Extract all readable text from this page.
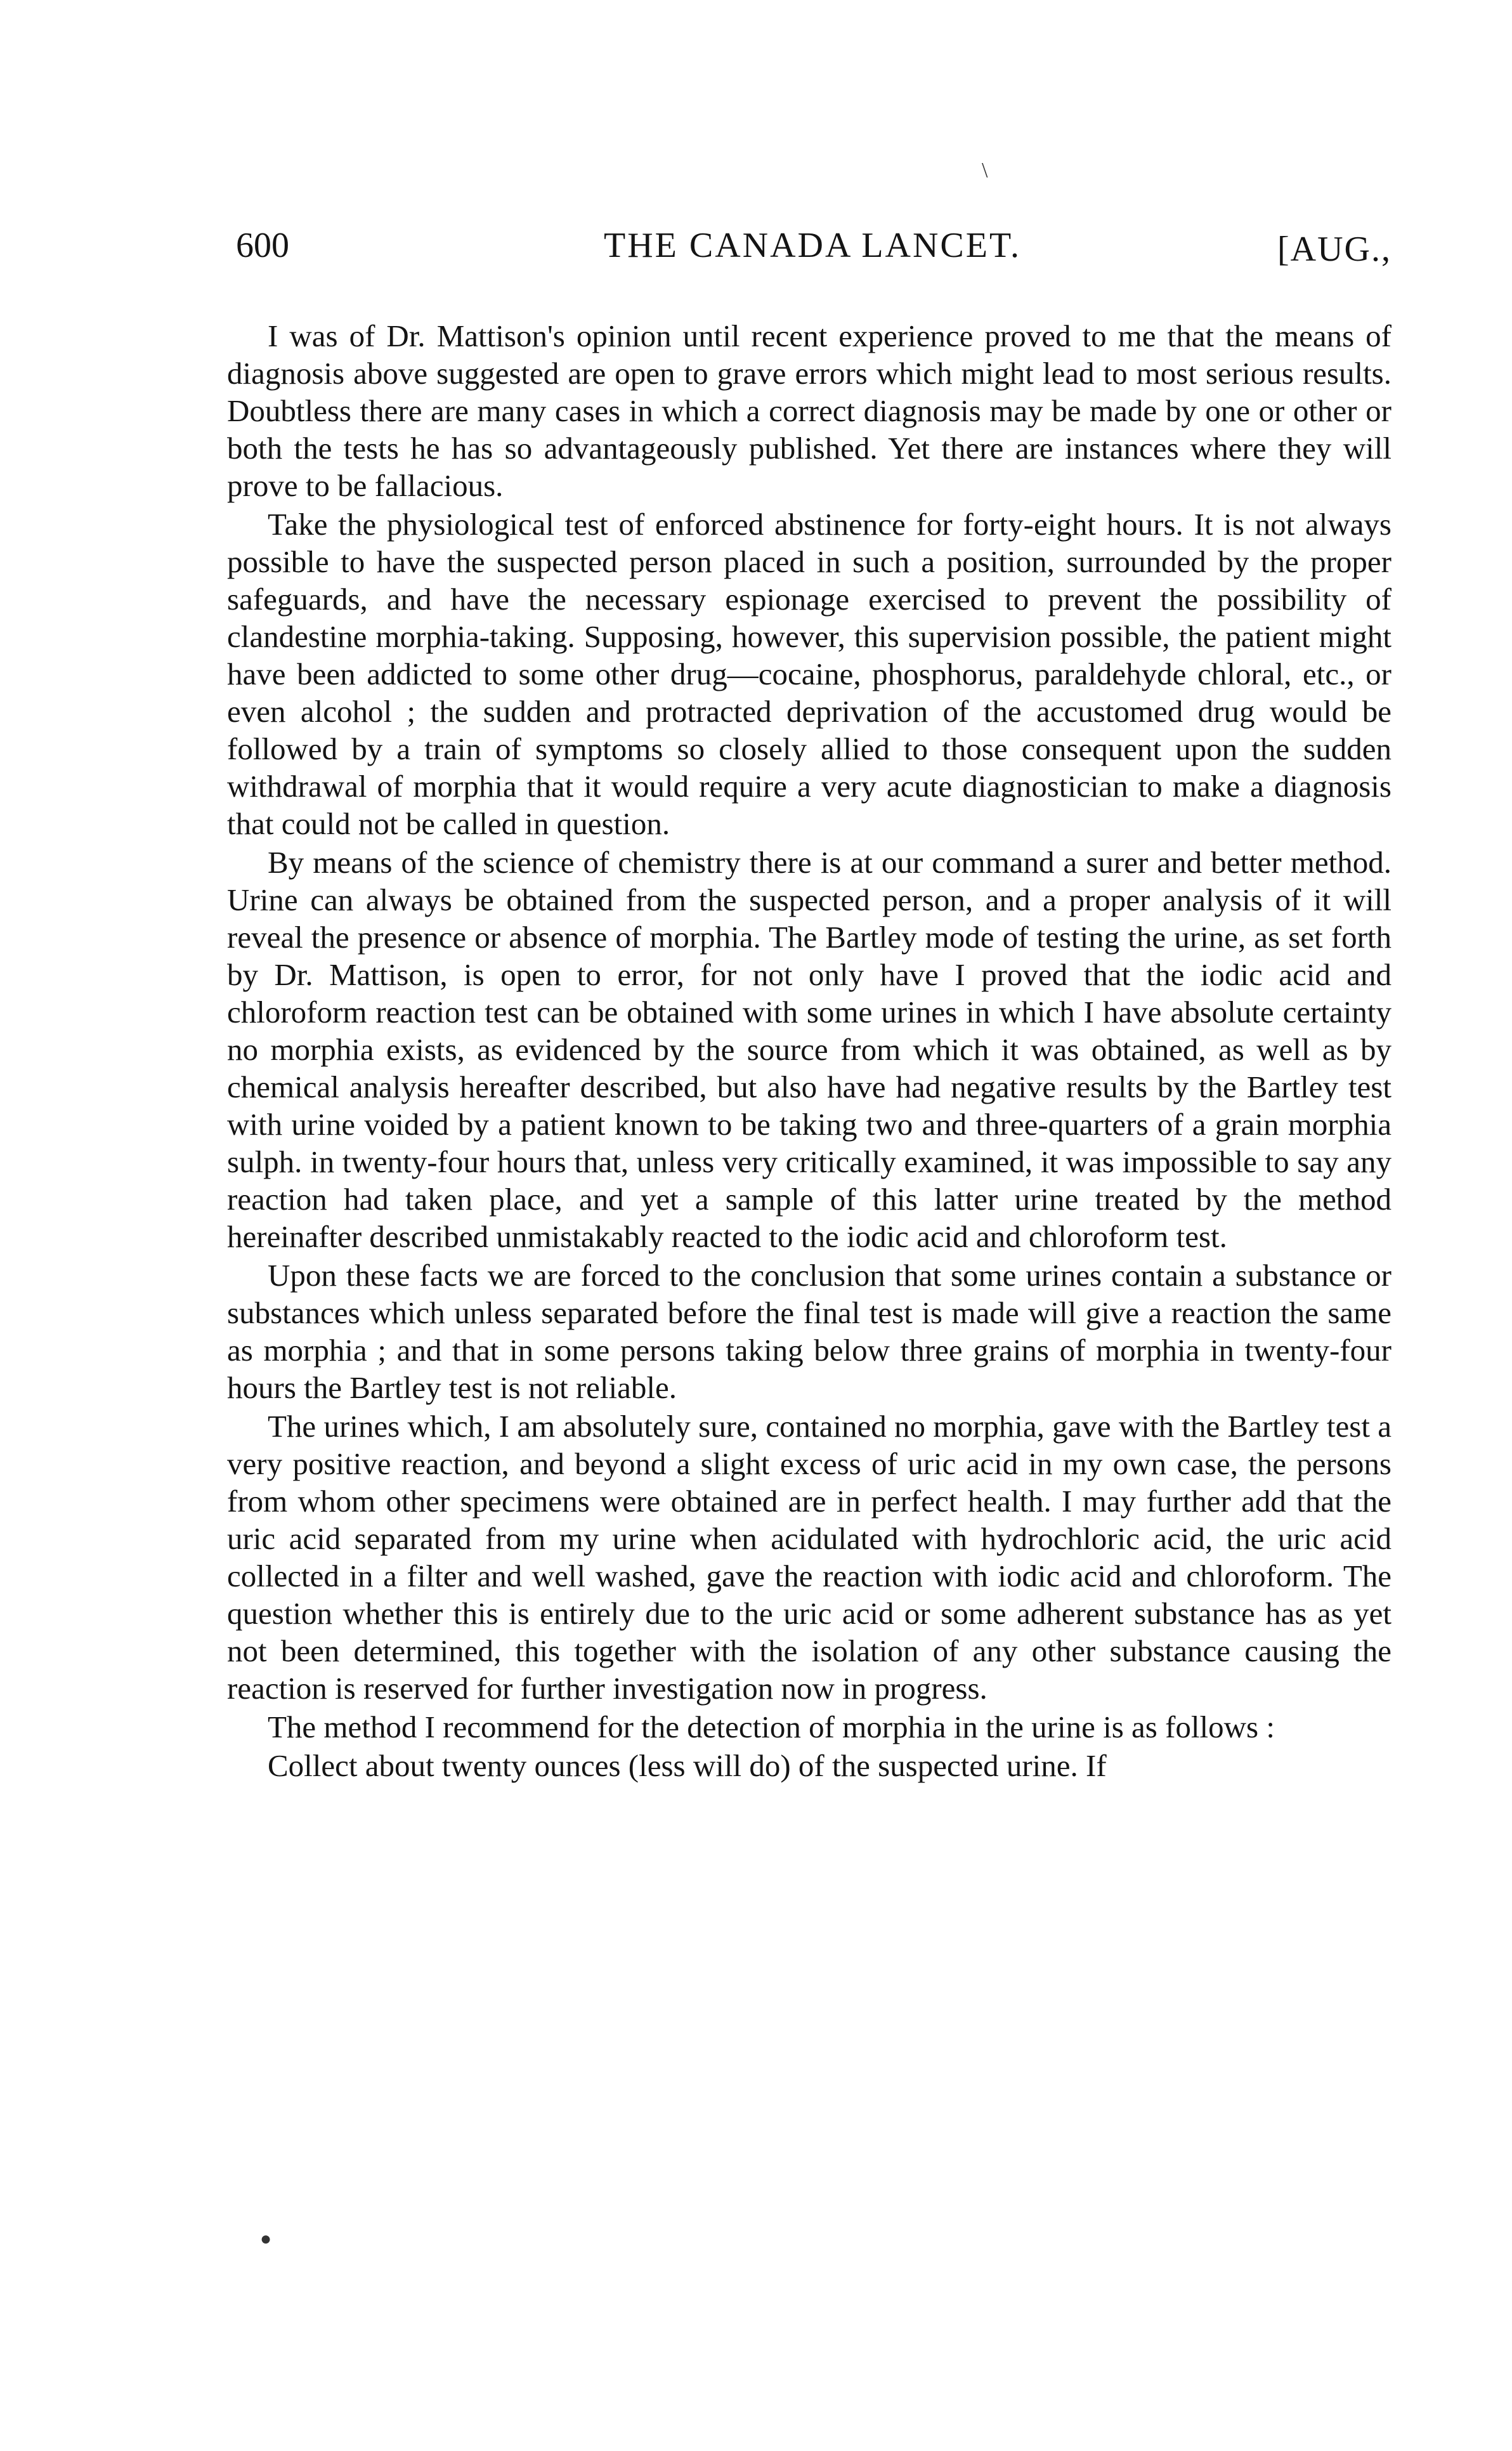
\
600	THE CANADA LANCET.	[AUG.,

I was of Dr. Mattison's opinion until recent experience proved to me that the means of diagnosis above suggested are open to grave errors which might lead to most serious results. Doubtless there are many cases in which a correct diagnosis may be made by one or other or both the tests he has so advantageously published. Yet there are instances where they will prove to be fallacious.

Take the physiological test of enforced abstinence for forty-eight hours. It is not always possible to have the suspected person placed in such a position, surrounded by the proper safeguards, and have the necessary espionage exercised to prevent the possibility of clandestine morphia-taking. Supposing, however, this supervision possible, the patient might have been addicted to some other drug—cocaine, phosphorus, paraldehyde chloral, etc., or even alcohol ; the sudden and protracted deprivation of the accustomed drug would be followed by a train of symptoms so closely allied to those consequent upon the sudden withdrawal of morphia that it would require a very acute diagnostician to make a diagnosis that could not be called in question.

By means of the science of chemistry there is at our command a surer and better method. Urine can always be obtained from the suspected person, and a proper analysis of it will reveal the presence or absence of morphia. The Bartley mode of testing the urine, as set forth by Dr. Mattison, is open to error, for not only have I proved that the iodic acid and chloroform reaction test can be obtained with some urines in which I have absolute certainty no morphia exists, as evidenced by the source from which it was obtained, as well as by chemical analysis hereafter described, but also have had negative results by the Bartley test with urine voided by a patient known to be taking two and three-quarters of a grain morphia sulph. in twenty-four hours that, unless very critically examined, it was impossible to say any reaction had taken place, and yet a sample of this latter urine treated by the method hereinafter described unmistakably reacted to the iodic acid and chloroform test.

Upon these facts we are forced to the conclusion that some urines contain a substance or substances which unless separated before the final test is made will give a reaction the same as morphia ; and that in some persons taking below three grains of morphia in twenty-four hours the Bartley test is not reliable.

The urines which, I am absolutely sure, contained no morphia, gave with the Bartley test a very positive reaction, and beyond a slight excess of uric acid in my own case, the persons from whom other specimens were obtained are in perfect health. I may further add that the uric acid separated from my urine when acidulated with hydrochloric acid, the uric acid collected in a filter and well washed, gave the reaction with iodic acid and chloroform. The question whether this is entirely due to the uric acid or some adherent substance has as yet not been determined, this together with the isolation of any other substance causing the reaction is reserved for further investigation now in progress.

The method I recommend for the detection of morphia in the urine is as follows :

Collect about twenty ounces (less will do) of the suspected urine. If

●
